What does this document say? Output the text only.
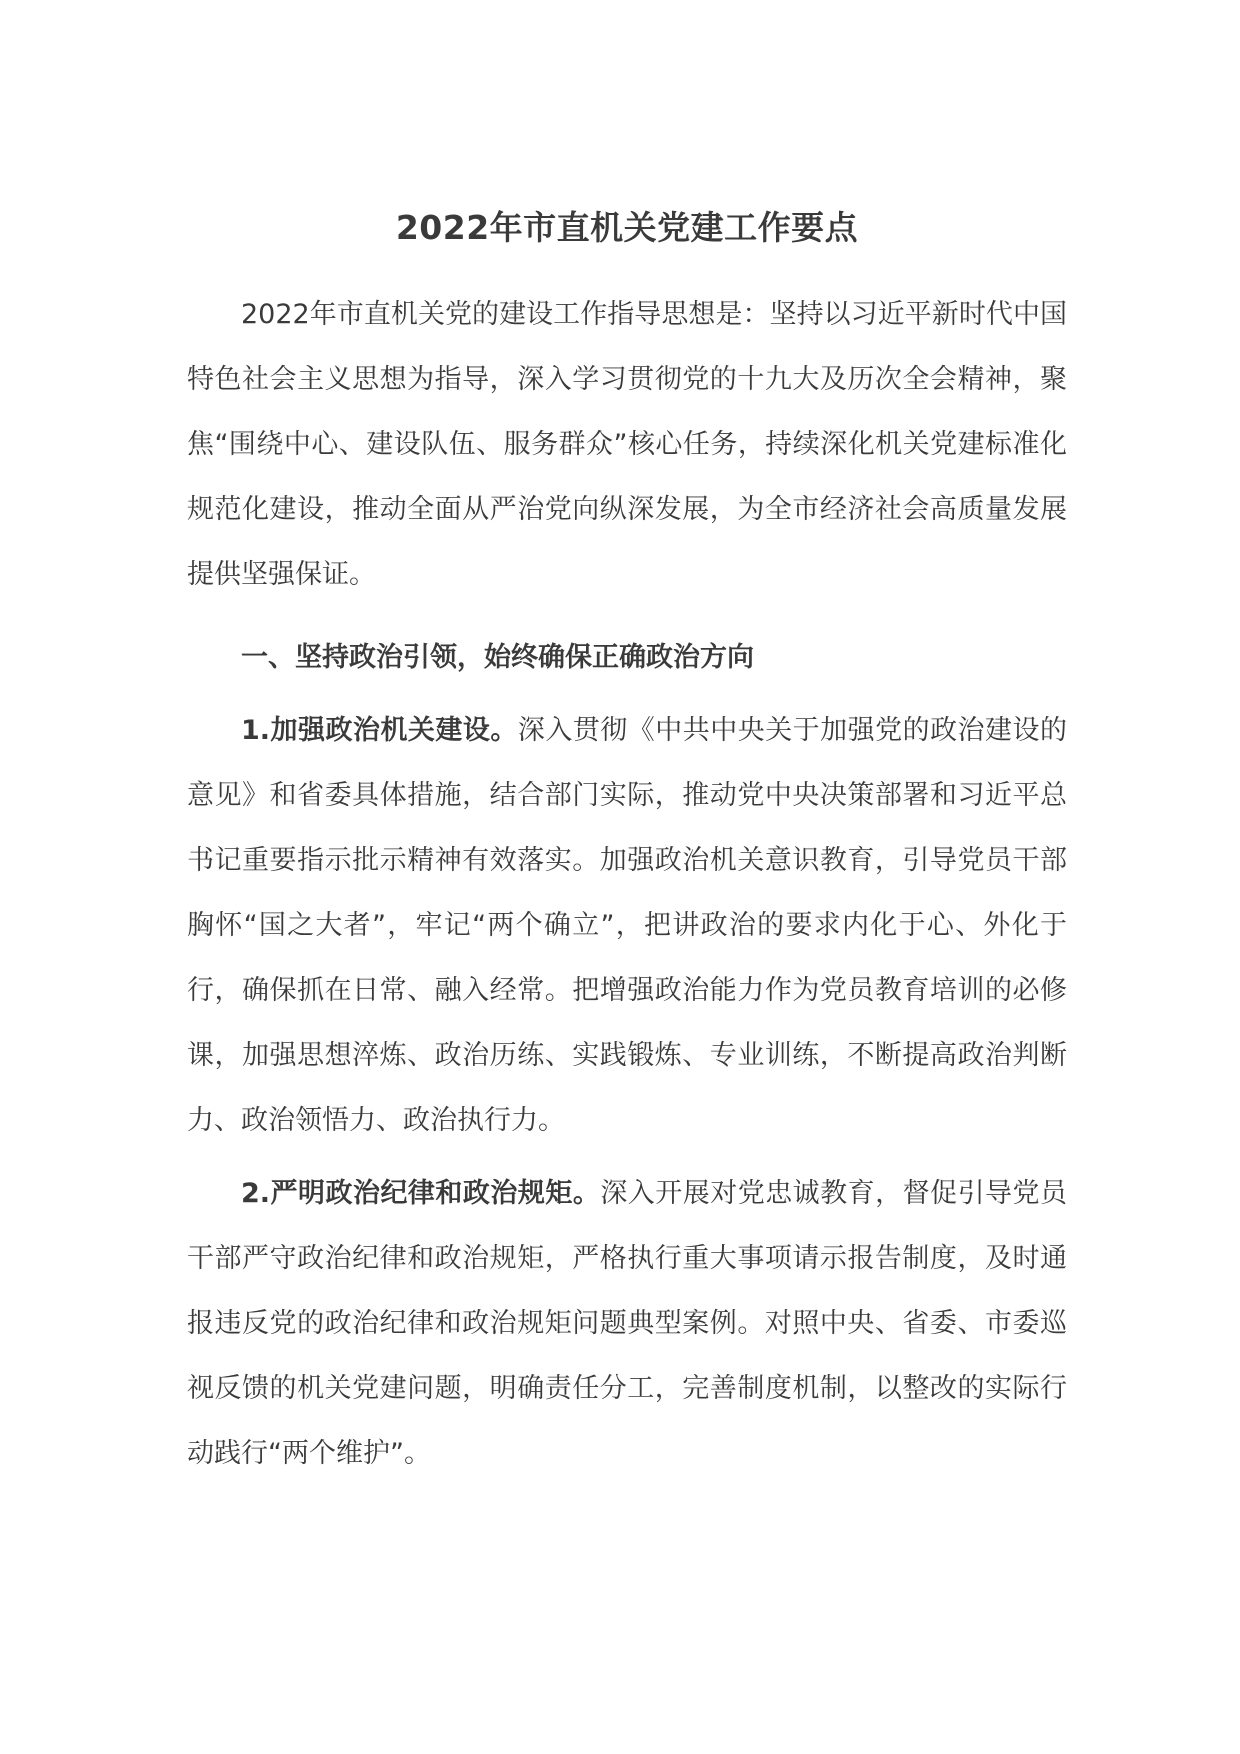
2022年市直机关党建工作要点

2022年市直机关党的建设工作指导思想是：坚持以习近平新时代中国特色社会主义思想为指导，深入学习贯彻党的十九大及历次全会精神，聚焦“围绕中心、建设队伍、服务群众”核心任务，持续深化机关党建标准化规范化建设，推动全面从严治党向纵深发展，为全市经济社会高质量发展提供坚强保证。

一、坚持政治引领，始终确保正确政治方向

1.加强政治机关建设。深入贯彻《中共中央关于加强党的政治建设的意见》和省委具体措施，结合部门实际，推动党中央决策部署和习近平总书记重要指示批示精神有效落实。加强政治机关意识教育，引导党员干部胸怀“国之大者”，牢记“两个确立”，把讲政治的要求内化于心、外化于行，确保抓在日常、融入经常。把增强政治能力作为党员教育培训的必修课，加强思想淬炼、政治历练、实践锻炼、专业训练，不断提高政治判断力、政治领悟力、政治执行力。

2.严明政治纪律和政治规矩。深入开展对党忠诚教育，督促引导党员干部严守政治纪律和政治规矩，严格执行重大事项请示报告制度，及时通报违反党的政治纪律和政治规矩问题典型案例。对照中央、省委、市委巡视反馈的机关党建问题，明确责任分工，完善制度机制，以整改的实际行动践行“两个维护”。
